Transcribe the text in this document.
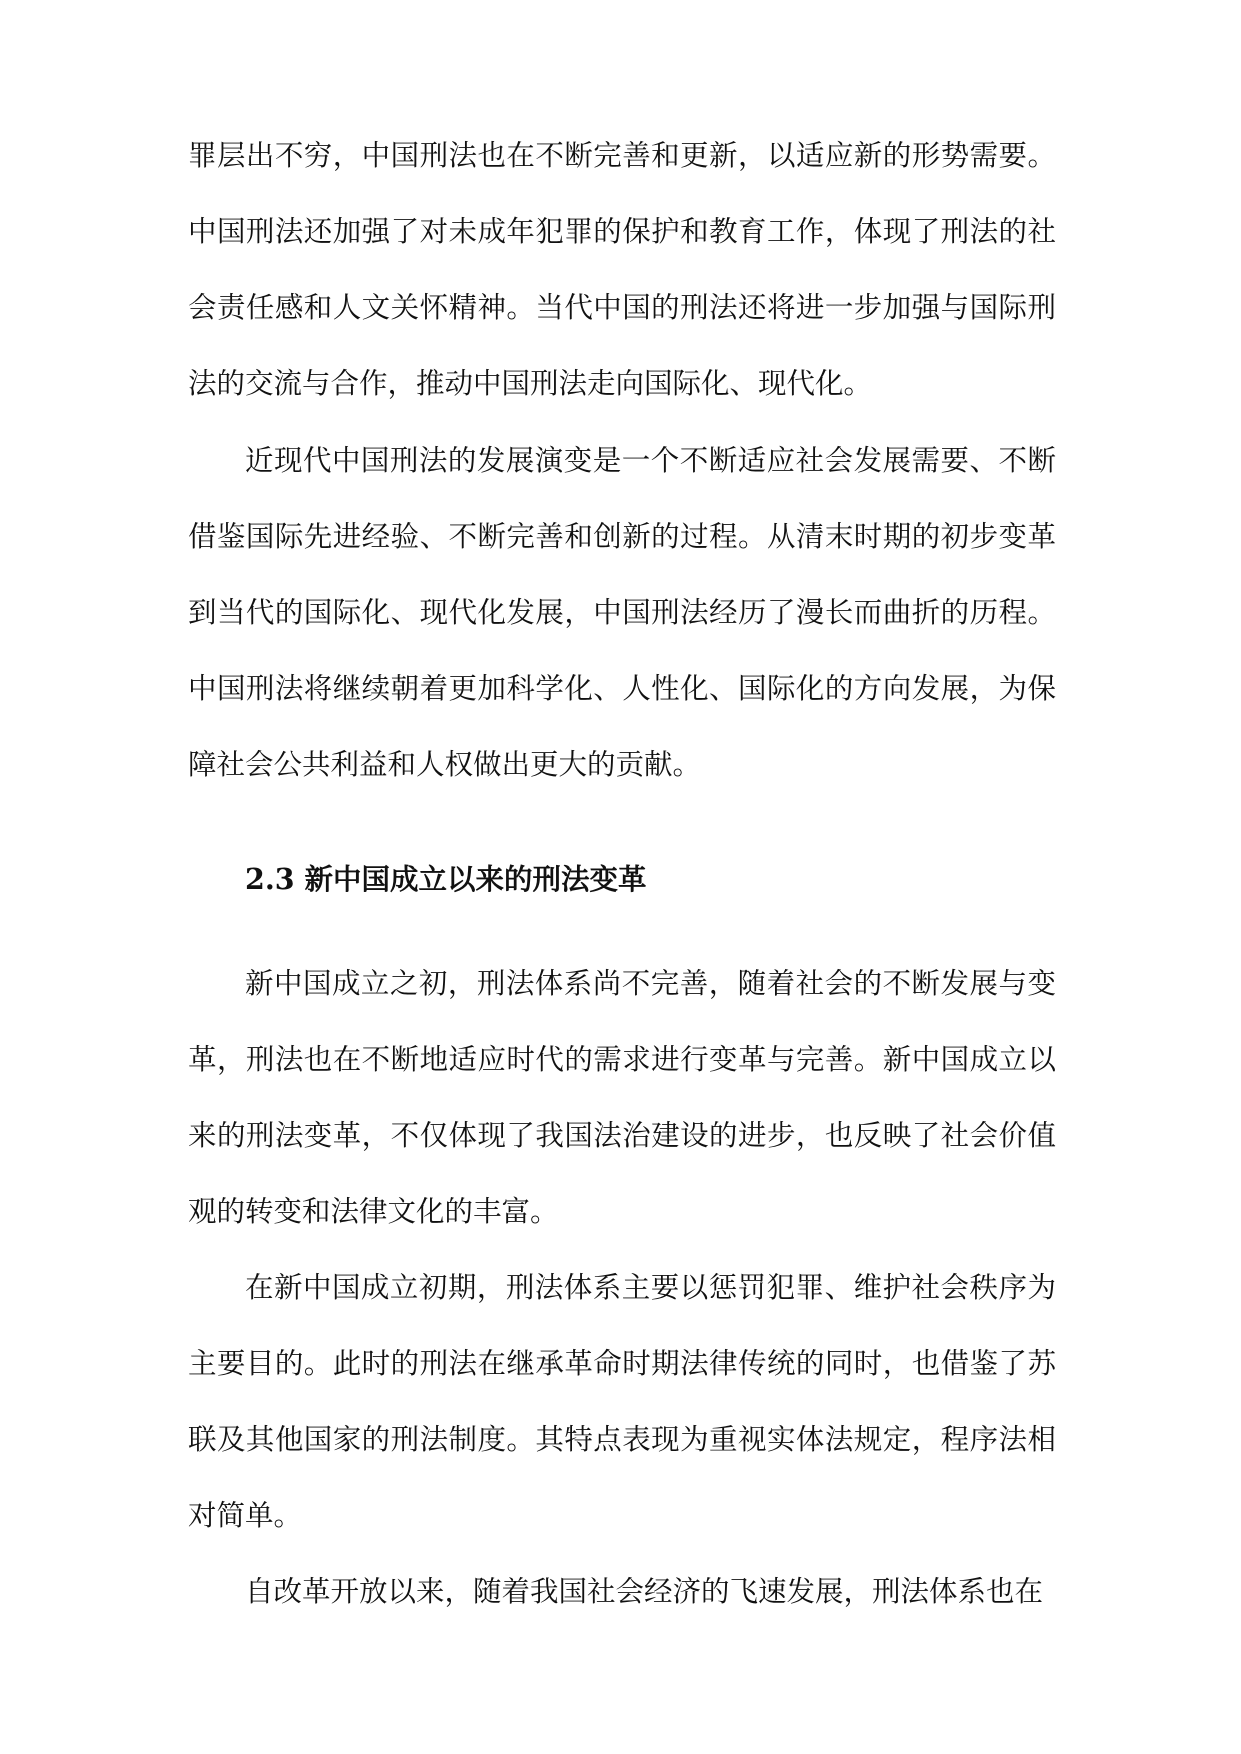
罪层出不穷，中国刑法也在不断完善和更新，以适应新的形势需要。中国刑法还加强了对未成年犯罪的保护和教育工作，体现了刑法的社会责任感和人文关怀精神。当代中国的刑法还将进一步加强与国际刑法的交流与合作，推动中国刑法走向国际化、现代化。

近现代中国刑法的发展演变是一个不断适应社会发展需要、不断借鉴国际先进经验、不断完善和创新的过程。从清末时期的初步变革到当代的国际化、现代化发展，中国刑法经历了漫长而曲折的历程。中国刑法将继续朝着更加科学化、人性化、国际化的方向发展，为保障社会公共利益和人权做出更大的贡献。

2.3 新中国成立以来的刑法变革

新中国成立之初，刑法体系尚不完善，随着社会的不断发展与变革，刑法也在不断地适应时代的需求进行变革与完善。新中国成立以来的刑法变革，不仅体现了我国法治建设的进步，也反映了社会价值观的转变和法律文化的丰富。

在新中国成立初期，刑法体系主要以惩罚犯罪、维护社会秩序为主要目的。此时的刑法在继承革命时期法律传统的同时，也借鉴了苏联及其他国家的刑法制度。其特点表现为重视实体法规定，程序法相对简单。

自改革开放以来，随着我国社会经济的飞速发展，刑法体系也在
